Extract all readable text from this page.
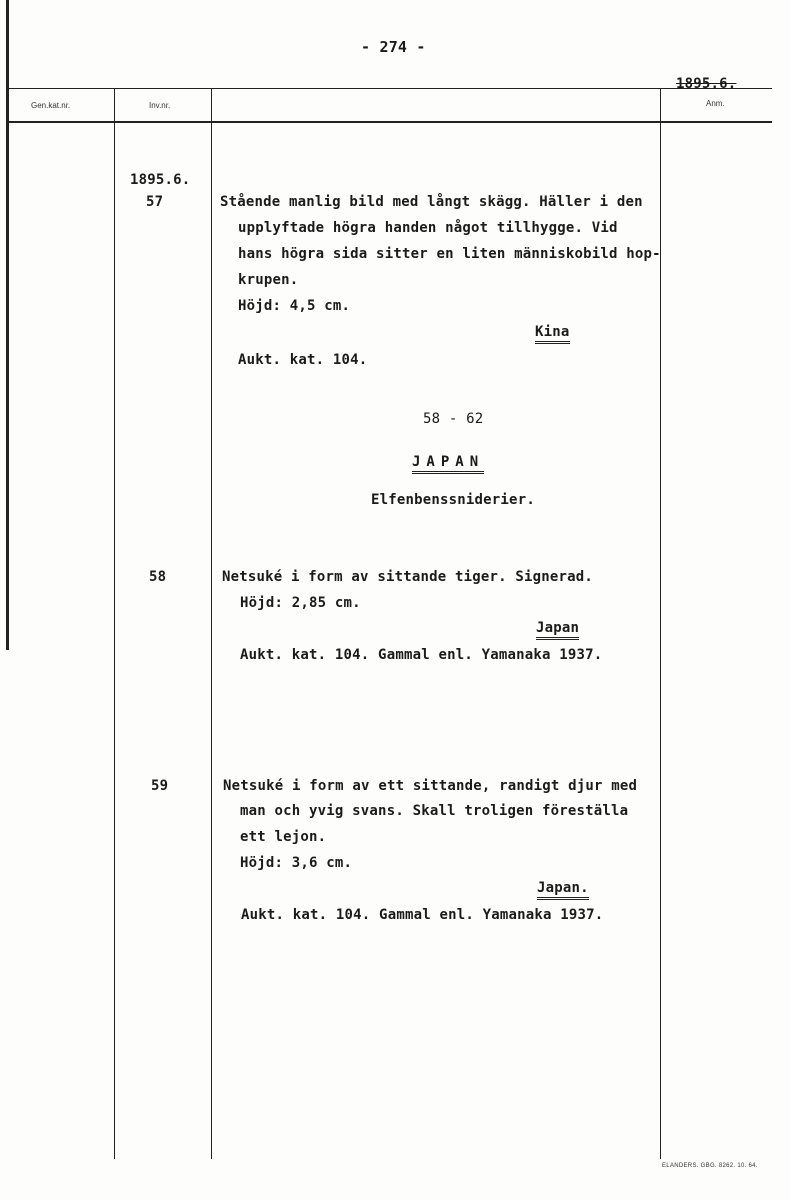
- 274 -
1895.6.
Gen.kat.nr.	Inv.nr.	Anm.
1895.6.
57	Stående manlig bild med långt skägg. Häller i den
upplyftade högra handen något tillhygge. Vid
hans högra sida sitter en liten människobild hop-
krupen.
Höjd: 4,5 cm.
Kina
Aukt. kat. 104.
58 - 62
JAPAN
Elfenbenssniderier.
58	Netsuké i form av sittande tiger. Signerad.
Höjd: 2,85 cm.
Japan
Aukt. kat. 104. Gammal enl. Yamanaka 1937.
59	Netsuké i form av ett sittande, randigt djur med
man och yvig svans. Skall troligen föreställa
ett lejon.
Höjd: 3,6 cm.
Japan.
Aukt. kat. 104. Gammal enl. Yamanaka 1937.
ELANDERS. GBG. 8262. 10. 64.
